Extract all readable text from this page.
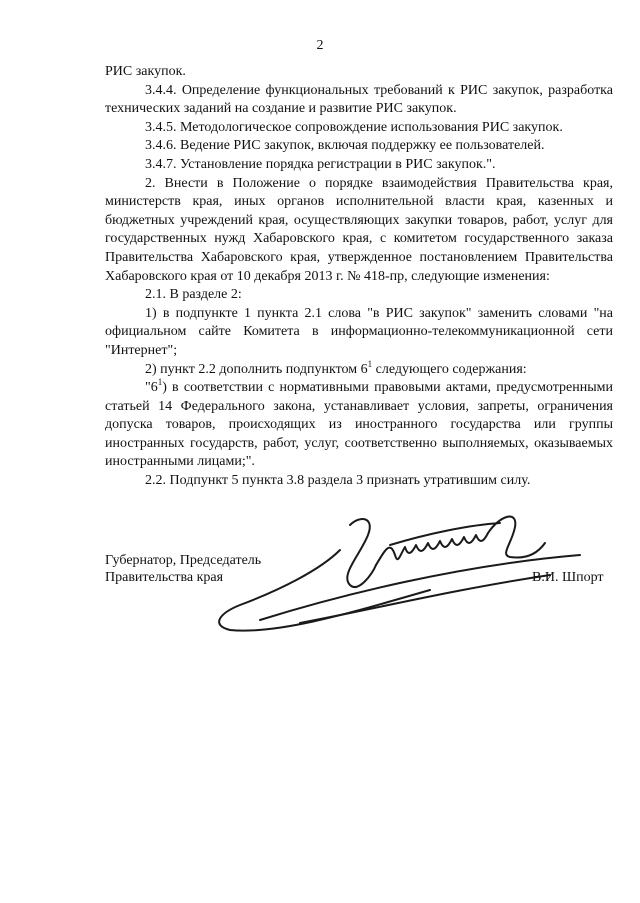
2

РИС закупок.

3.4.4. Определение функциональных требований к РИС закупок, разработка технических заданий на создание и развитие РИС закупок.

3.4.5. Методологическое сопровождение использования РИС закупок.

3.4.6. Ведение РИС закупок, включая поддержку ее пользователей.

3.4.7. Установление порядка регистрации в РИС закупок.".

2. Внести в Положение о порядке взаимодействия Правительства края, министерств края, иных органов исполнительной власти края, казенных и бюджетных учреждений края, осуществляющих закупки товаров, работ, услуг для государственных нужд Хабаровского края, с комитетом государственного заказа Правительства Хабаровского края, утвержденное постановлением Правительства Хабаровского края от 10 декабря 2013 г. № 418-пр, следующие изменения:

2.1. В разделе 2:

1) в подпункте 1 пункта 2.1 слова "в РИС закупок" заменить словами "на официальном сайте Комитета в информационно-телекоммуникационной сети "Интернет";

2) пункт 2.2 дополнить подпунктом $6^1$ следующего содержания:

"$6^1$) в соответствии с нормативными правовыми актами, предусмотренными статьей 14 Федерального закона, устанавливает условия, запреты, ограничения допуска товаров, происходящих из иностранного государства или группы иностранных государств, работ, услуг, соответственно выполняемых, оказываемых иностранными лицами;".

2.2. Подпункт 5 пункта 3.8 раздела 3 признать утратившим силу.

Губернатор, Председатель
Правительства края	В.И. Шпорт
